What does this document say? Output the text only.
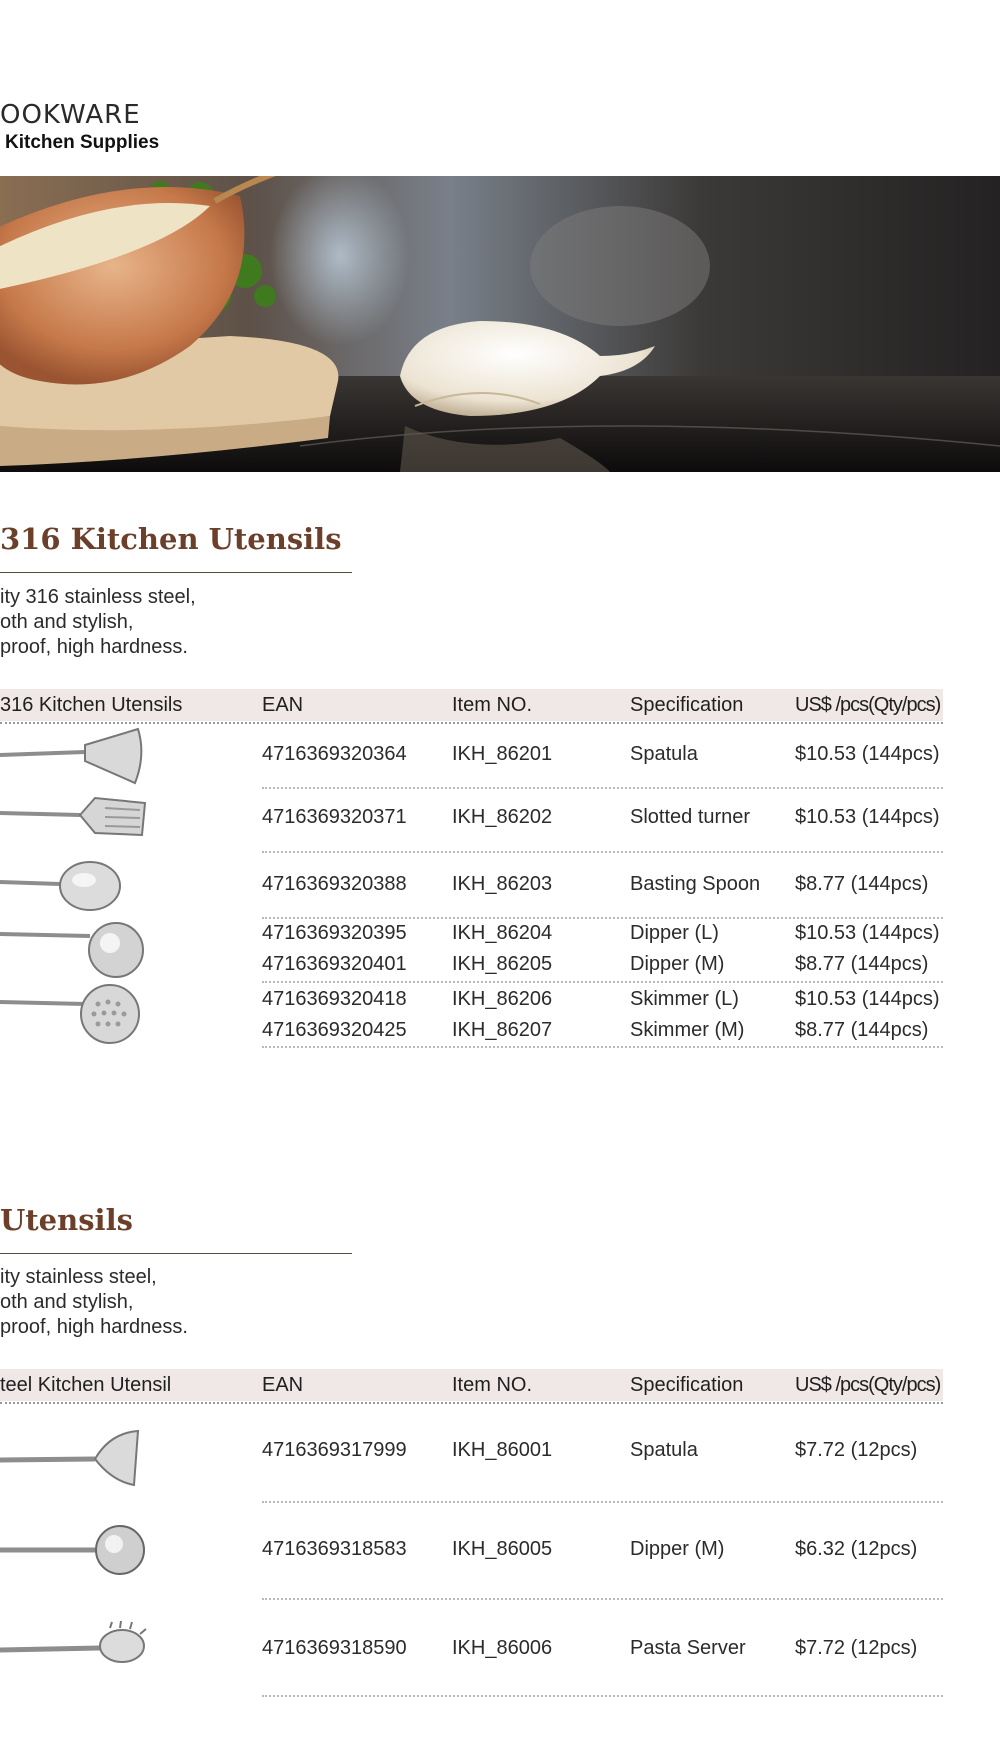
OOKWARE
Kitchen Supplies
316 Kitchen Utensils
ity 316 stainless steel,
oth and stylish,
proof, high hardness.
316 Kitchen Utensils	EAN	Item NO.	Specification	US$ /pcs(Qty/pcs)
4716369320364 IKH_86201	Spatula	$10.53 (144pcs)
4716369320371 IKH_86202	Slotted turner $10.53 (144pcs)
4716369320388 IKH_86203	Basting Spoon $8.77 (144pcs)
4716369320395 IKH_86204	Dipper (L)	$10.53 (144pcs)
4716369320401 IKH_86205	Dipper (M)	$8.77 (144pcs)
4716369320418 IKH_86206	Skimmer (L)	$10.53 (144pcs)
4716369320425 IKH_86207	Skimmer (M)	$8.77 (144pcs)
Utensils
ity stainless steel,
oth and stylish,
proof, high hardness.
teel Kitchen Utensil	EAN	Item NO.	Specification	US$ /pcs(Qty/pcs)
4716369317999 IKH_86001	Spatula	$7.72 (12pcs)
4716369318583 IKH_86005	Dipper (M)	$6.32 (12pcs)
4716369318590 IKH_86006	Pasta Server $7.72 (12pcs)
